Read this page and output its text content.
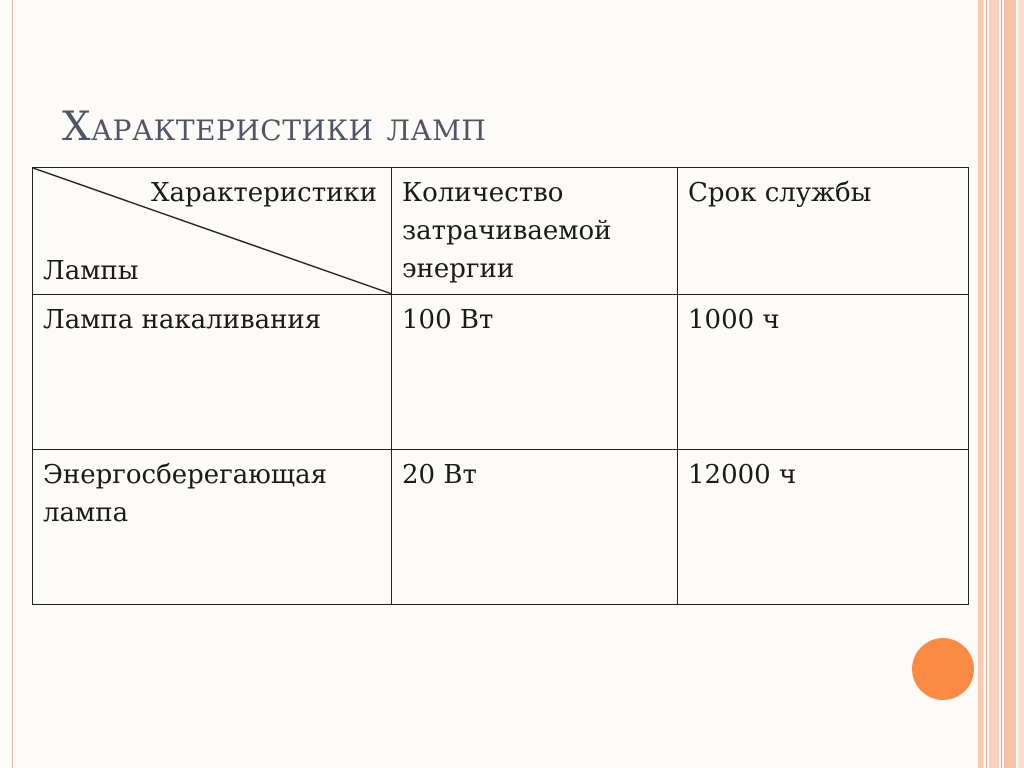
Характеристики ламп
Характеристики
Лампы	Количество затрачиваемой энергии	Срок службы
Лампа накаливания	100 Вт	1000 ч
Энергосберегающая лампа	20 Вт	12000 ч
